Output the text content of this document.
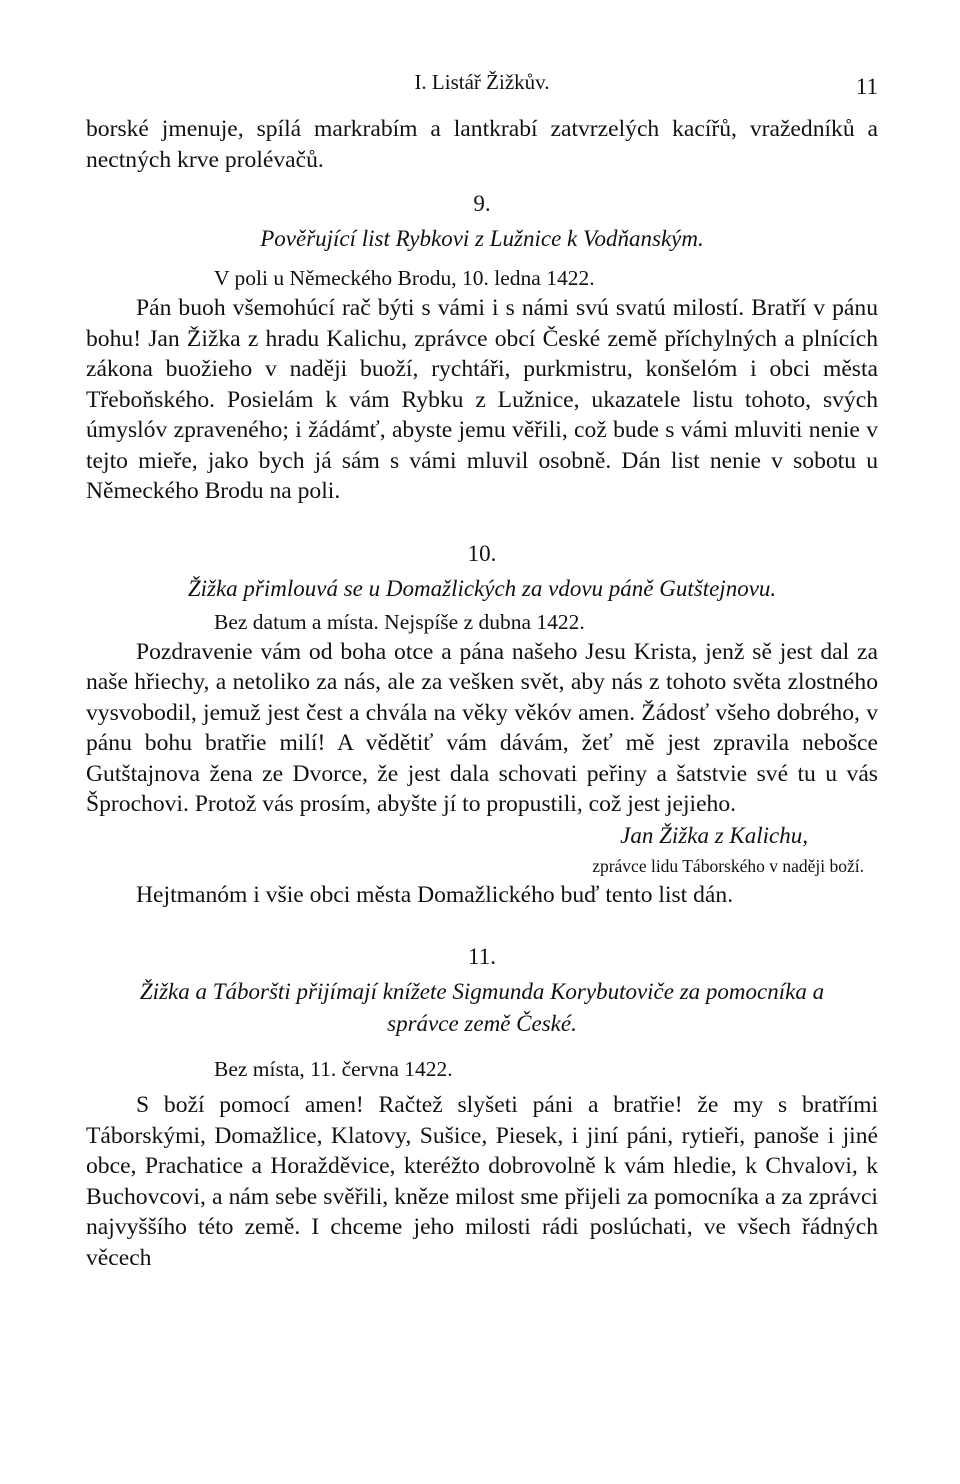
I. Listář Žižkův.	11

borské jmenuje, spílá markrabím a lantkrabí zatvrzelých kacířů, vražedníků a nectných krve prolévačů.

9.

Pověřující list Rybkovi z Lužnice k Vodňanským.

V poli u Německého Brodu, 10. ledna 1422.

Pán buoh všemohúcí rač býti s vámi i s námi svú svatú milostí. Bratří v pánu bohu! Jan Žižka z hradu Kalichu, zprávce obcí České země příchylných a plnících zákona buožieho v naději buoží, rychtáři, purkmistru, konšelóm i obci města Třeboňského. Posielám k vám Rybku z Lužnice, ukazatele listu tohoto, svých úmyslóv zpraveného; i žádámť, abyste jemu věřili, což bude s vámi mluviti nenie v tejto mieře, jako bych já sám s vámi mluvil osobně. Dán list nenie v sobotu u Německého Brodu na poli.

10.

Žižka přimlouvá se u Domažlických za vdovu páně Gutštejnovu.

Bez datum a místa. Nejspíše z dubna 1422.

Pozdravenie vám od boha otce a pána našeho Jesu Krista, jenž sě jest dal za naše hřiechy, a netoliko za nás, ale za vešken svět, aby nás z tohoto světa zlostného vysvobodil, jemuž jest čest a chvála na věky věkóv amen. Žádosť všeho dobrého, v pánu bohu bratřie milí! A vědětiť vám dávám, žeť mě jest zpravila nebošce Gutštajnova žena ze Dvorce, že jest dala schovati peřiny a šatstvie své tu u vás Šprochovi. Protož vás prosím, abyšte jí to propustili, což jest jejieho.

Jan Žižka z Kalichu,

zprávce lidu Táborského v naději boží.

Hejtmanóm i všie obci města Domažlického buď tento list dán.

11.

Žižka a Táboršti přijímají knížete Sigmunda Korybutoviče za pomocníka a správce země České.

Bez místa, 11. června 1422.

S boží pomocí amen! Račtež slyšeti páni a bratřie! že my s bratřími Táborskými, Domažlice, Klatovy, Sušice, Piesek, i jiní páni, rytieři, panoše i jiné obce, Prachatice a Horažděvice, kteréžto dobrovolně k vám hledie, k Chvalovi, k Buchovcovi, a nám sebe svěřili, kněze milost sme přijeli za pomocníka a za zprávci najvyššího této země. I chceme jeho milosti rádi poslúchati, ve všech řádných věcech
